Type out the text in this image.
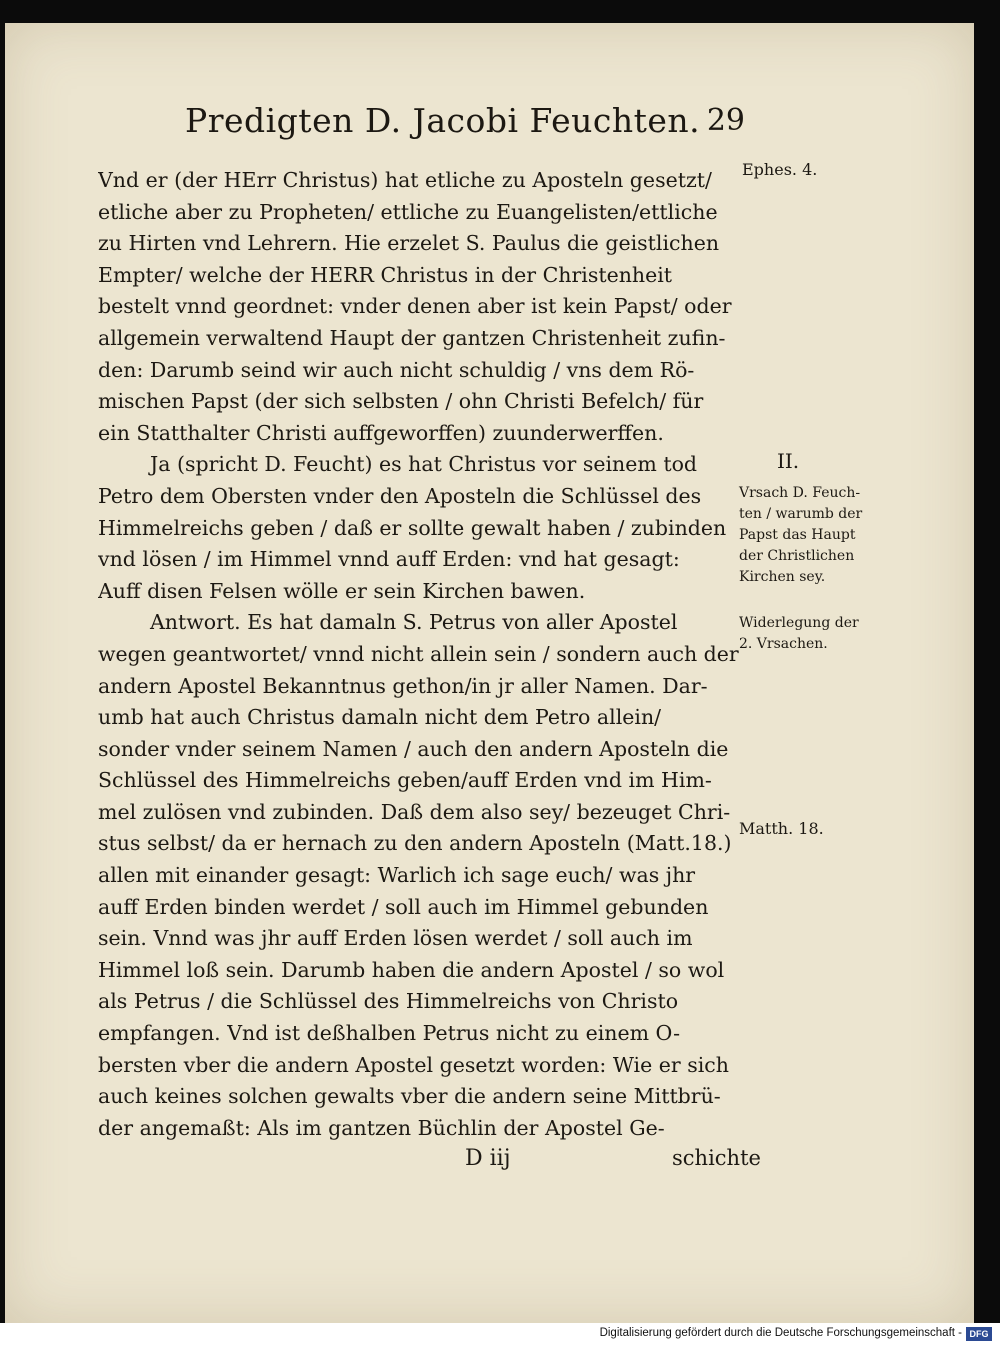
Predigten D. Jacobi Feuchten. 29
Vnd er (der HErr Christus) hat etliche zu Aposteln gesetzt/
etliche aber zu Propheten/ ettliche zu Euangelisten/ettliche
zu Hirten vnd Lehrern. Hie erzelet S. Paulus die geistlichen
Empter/ welche der HERR Christus in der Christenheit
bestelt vnnd geordnet: vnder denen aber ist kein Papst/ oder
allgemein verwaltend Haupt der gantzen Christenheit zufin-
den: Darumb seind wir auch nicht schuldig / vns dem Rö-
mischen Papst (der sich selbsten / ohn Christi Befelch/ für
ein Statthalter Christi auffgeworffen) zuunderwerffen.
Ja (spricht D. Feucht) es hat Christus vor seinem tod
Petro dem Obersten vnder den Aposteln die Schlüssel des
Himmelreichs geben / daß er sollte gewalt haben / zubinden
vnd lösen / im Himmel vnnd auff Erden: vnd hat gesagt:
Auff disen Felsen wölle er sein Kirchen bawen.
Antwort. Es hat damaln S. Petrus von aller Apostel
wegen geantwortet/ vnnd nicht allein sein / sondern auch der
andern Apostel Bekanntnus gethon/in jr aller Namen. Dar-
umb hat auch Christus damaln nicht dem Petro allein/
sonder vnder seinem Namen / auch den andern Aposteln die
Schlüssel des Himmelreichs geben/auff Erden vnd im Him-
mel zulösen vnd zubinden. Daß dem also sey/ bezeuget Chri-
stus selbst/ da er hernach zu den andern Aposteln (Matt.18.)
allen mit einander gesagt: Warlich ich sage euch/ was jhr
auff Erden binden werdet / soll auch im Himmel gebunden
sein. Vnnd was jhr auff Erden lösen werdet / soll auch im
Himmel loß sein. Darumb haben die andern Apostel / so wol
als Petrus / die Schlüssel des Himmelreichs von Christo
empfangen. Vnd ist deßhalben Petrus nicht zu einem O-
bersten vber die andern Apostel gesetzt worden: Wie er sich
auch keines solchen gewalts vber die andern seine Mittbrü-
der angemaßt: Als im gantzen Büchlin der Apostel Ge-
D iij	schichte
Ephes. 4.
II.
Vrsach D. Feuch-
ten / warumb der
Papst das Haupt
der Christlichen
Kirchen sey.
Widerlegung der
2. Vrsachen.
Matth. 18.
Digitalisierung gefördert durch die Deutsche Forschungsgemeinschaft - DFG
